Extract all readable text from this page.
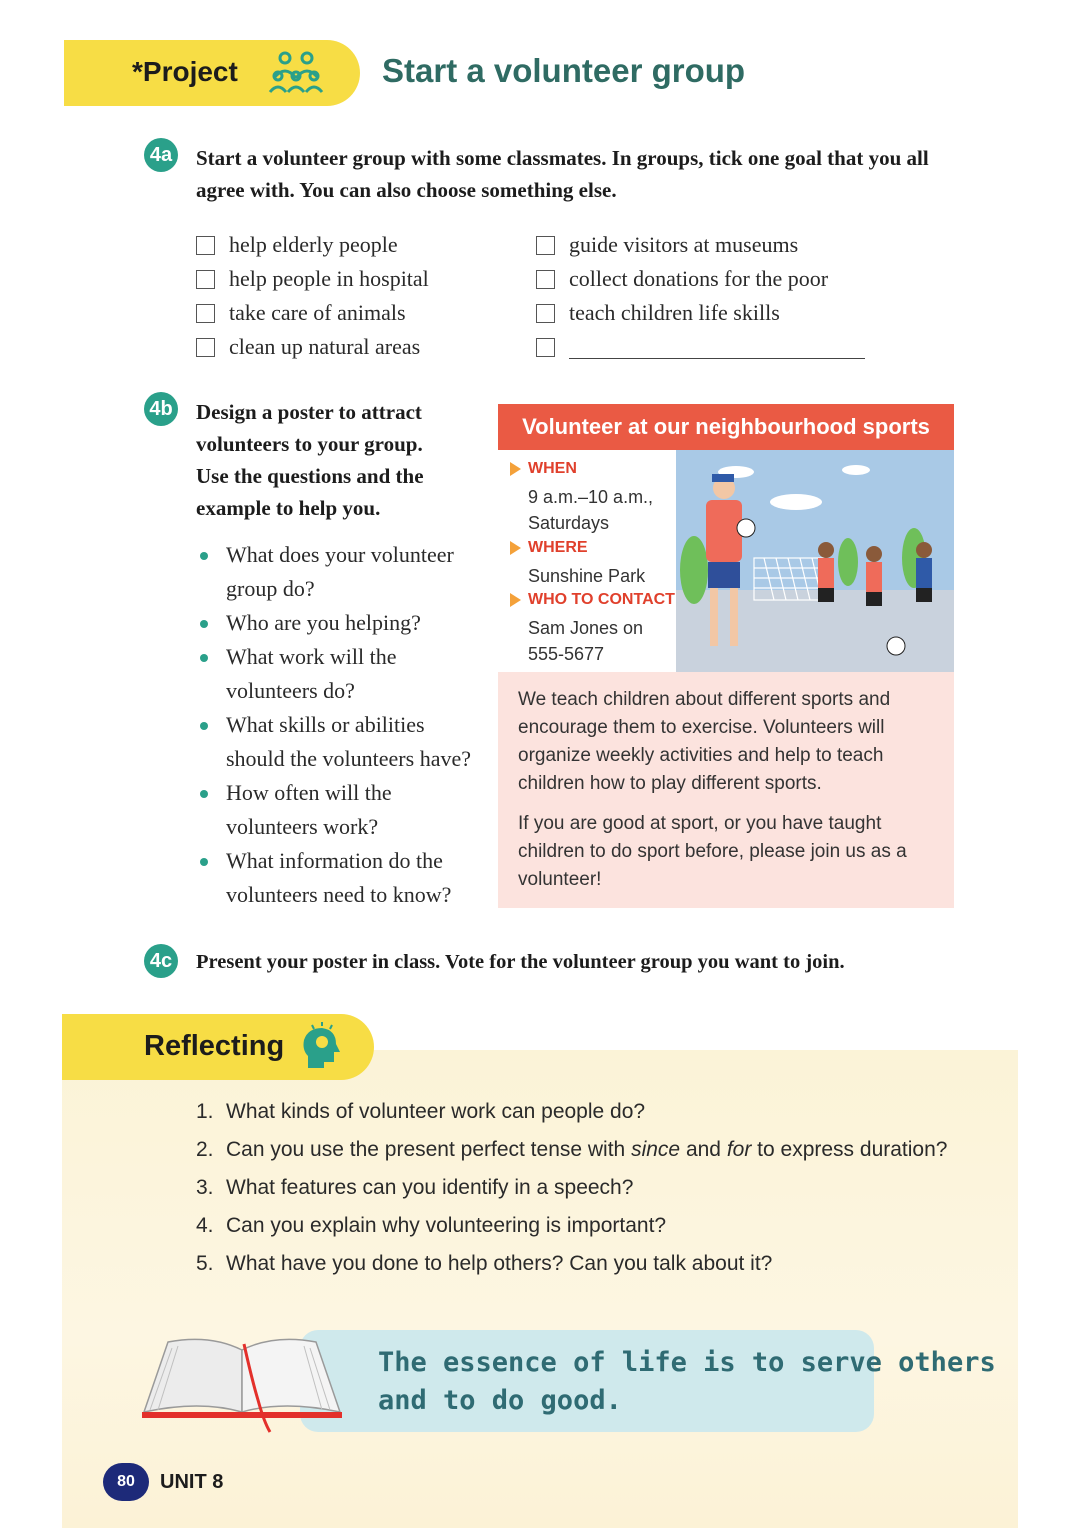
*Project	Start a volunteer group
4a Start a volunteer group with some classmates. In groups, tick one goal that you all
agree with. You can also choose something else.
help elderly people
help people in hospital
take care of animals
clean up natural areas
guide visitors at museums
collect donations for the poor
teach children life skills
4b Design a poster to attract
volunteers to your group.
Use the questions and the
example to help you.
What does your volunteer
group do?
Who are you helping?
What work will the
volunteers do?
What skills or abilities
should the volunteers have?
How often will the
volunteers work?
What information do the
volunteers need to know?
Volunteer at our neighbourhood sports
WHEN
9 a.m.–10 a.m.,
Saturdays
WHERE
Sunshine Park
WHO TO CONTACT
Sam Jones on
555-5677
We teach children about different sports and
encourage them to exercise. Volunteers will
organize weekly activities and help to teach
children how to play different sports.
If you are good at sport, or you have taught
children to do sport before, please join us as a
volunteer!
4c Present your poster in class. Vote for the volunteer group you want to join.
Reflecting
1. What kinds of volunteer work can people do?
2. Can you use the present perfect tense with since and for to express duration?
3. What features can you identify in a speech?
4. Can you explain why volunteering is important?
5. What have you done to help others? Can you talk about it?
The essence of life is to serve others
and to do good.
80	UNIT 8
